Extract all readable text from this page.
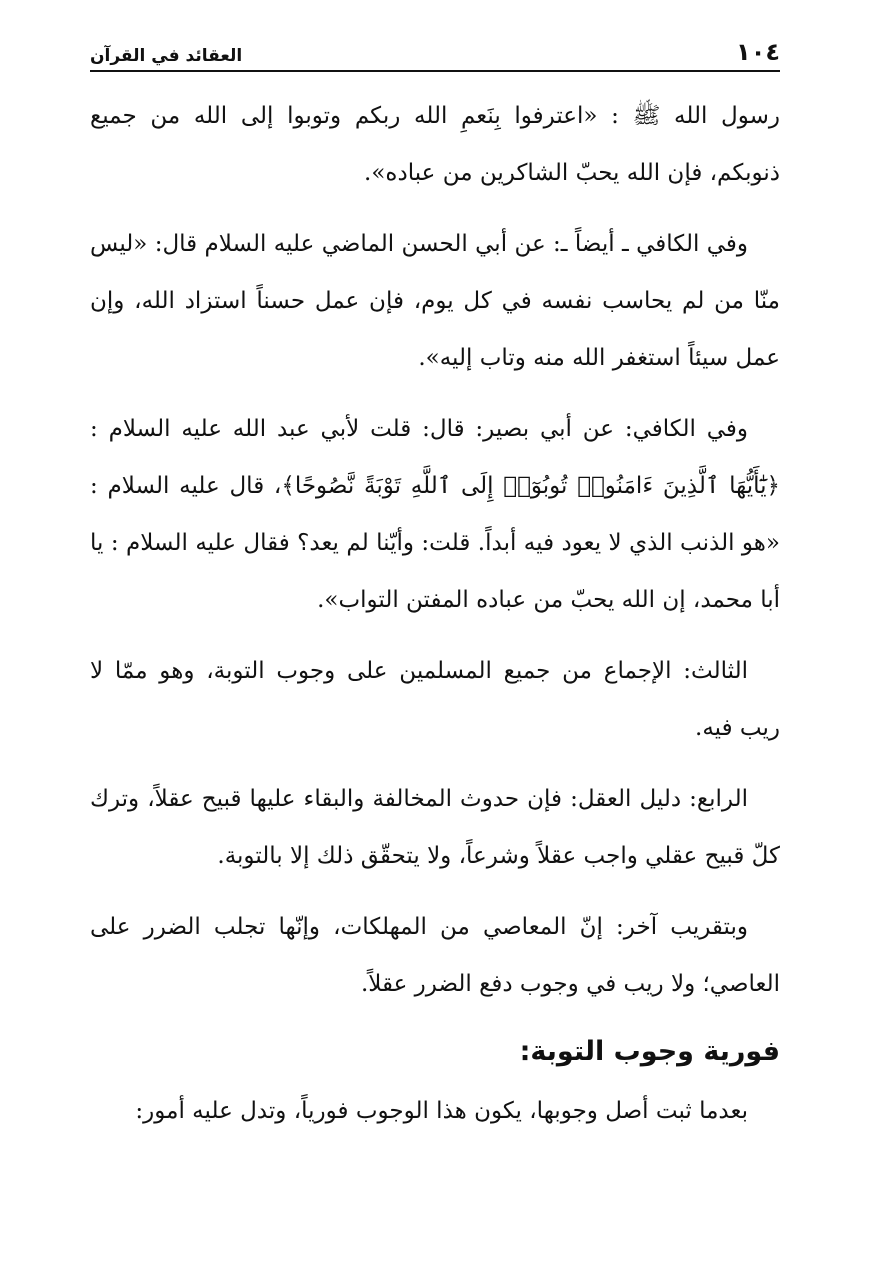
١٠٤
العقائد في القرآن

رسول الله ﷺ : «اعترفوا بِنَعمِ الله ربكم وتوبوا إلى الله من جميع ذنوبكم، فإن الله يحبّ الشاكرين من عباده».

وفي الكافي ـ أيضاً ـ: عن أبي الحسن الماضي عليه السلام قال: «ليس منّا من لم يحاسب نفسه في كل يوم، فإن عمل حسناً استزاد الله، وإن عمل سيئاً استغفر الله منه وتاب إليه».

وفي الكافي: عن أبي بصير: قال: قلت لأبي عبد الله عليه السلام : ﴿يَٰٓأَيُّهَا ٱلَّذِينَ ءَامَنُوا۟ تُوبُوٓا۟ إِلَى ٱللَّهِ تَوْبَةً نَّصُوحًا﴾، قال عليه السلام : «هو الذنب الذي لا يعود فيه أبداً. قلت: وأيّنا لم يعد؟ فقال عليه السلام : يا أبا محمد، إن الله يحبّ من عباده المفتن التواب».

الثالث: الإجماع من جميع المسلمين على وجوب التوبة، وهو ممّا لا ريب فيه.

الرابع: دليل العقل: فإن حدوث المخالفة والبقاء عليها قبيح عقلاً، وترك كلّ قبيح عقلي واجب عقلاً وشرعاً، ولا يتحقّق ذلك إلا بالتوبة.

وبتقريب آخر: إنّ المعاصي من المهلكات، وإنّها تجلب الضرر على العاصي؛ ولا ريب في وجوب دفع الضرر عقلاً.

فورية وجوب التوبة:

بعدما ثبت أصل وجوبها، يكون هذا الوجوب فورياً، وتدل عليه أمور:
